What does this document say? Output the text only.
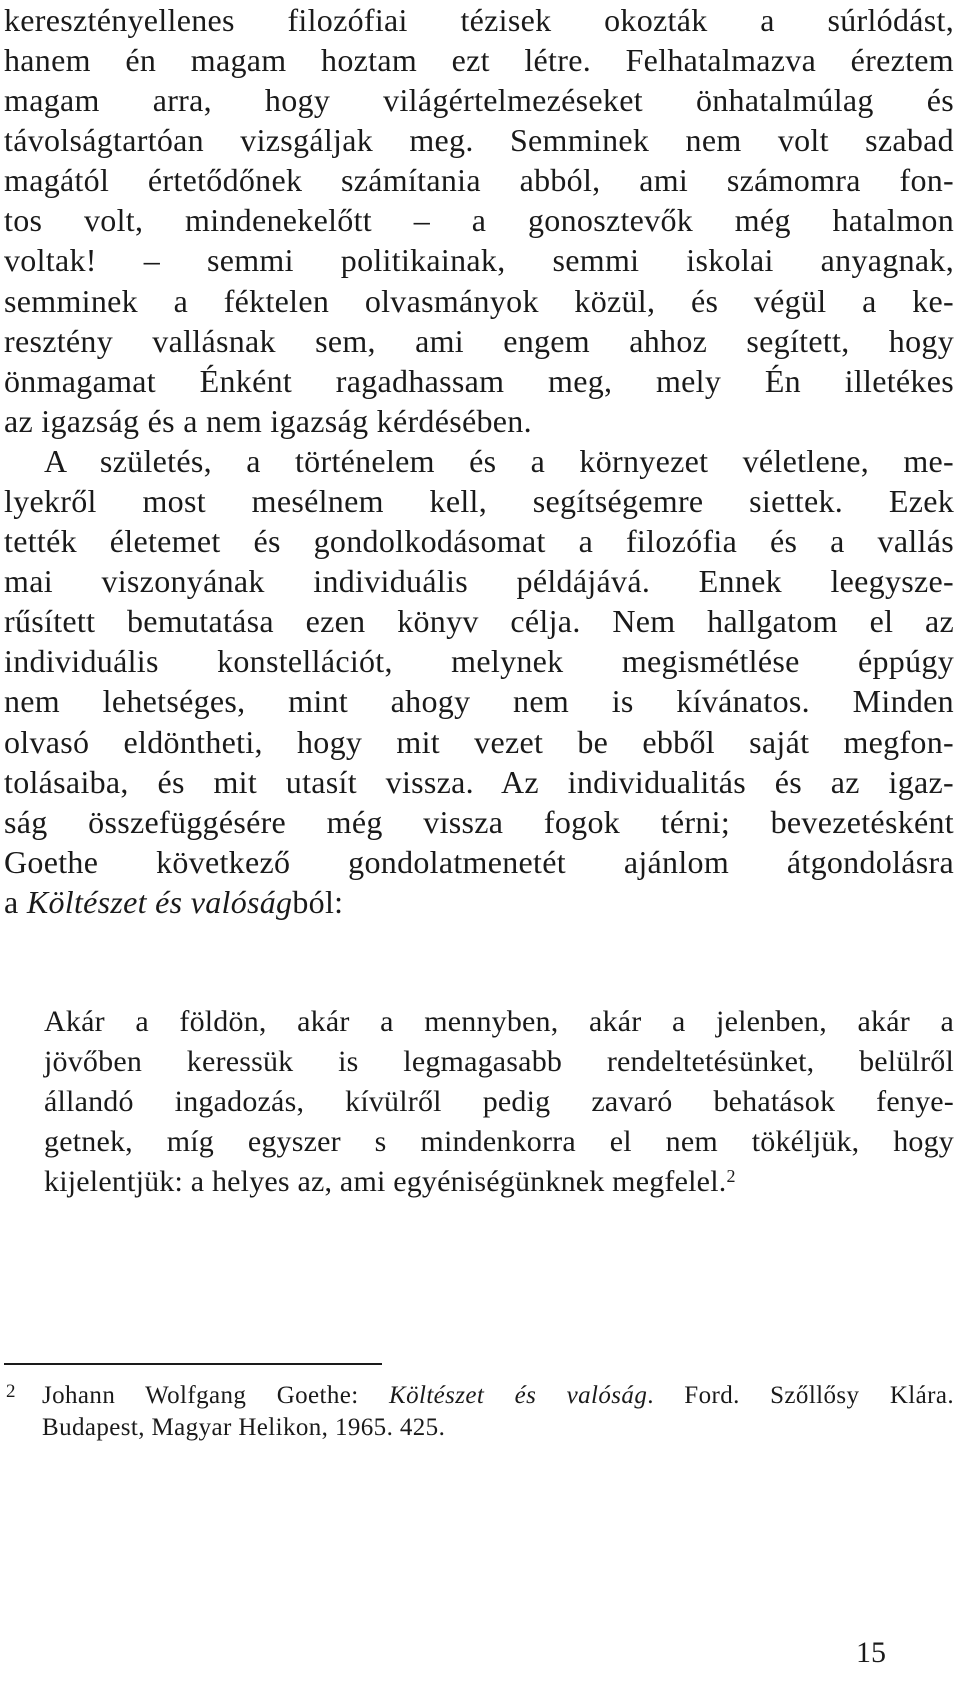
keresztényellenes filozófiai tézisek okozták a súrlódást,
hanem én magam hoztam ezt létre. Felhatalmazva éreztem
magam arra, hogy világértelmezéseket önhatalmúlag és
távolságtartóan vizsgáljak meg. Semminek nem volt szabad
magától értetődőnek számítania abból, ami számomra fon-
tos volt, mindenekelőtt – a gonosztevők még hatalmon
voltak! – semmi politikainak, semmi iskolai anyagnak,
semminek a féktelen olvasmányok közül, és végül a ke-
resztény vallásnak sem, ami engem ahhoz segített, hogy
önmagamat Énként ragadhassam meg, mely Én illetékes
az igazság és a nem igazság kérdésében.
A születés, a történelem és a környezet véletlene, me-
lyekről most mesélnem kell, segítségemre siettek. Ezek
tették életemet és gondolkodásomat a filozófia és a vallás
mai viszonyának individuális példájává. Ennek leegysze-
rűsített bemutatása ezen könyv célja. Nem hallgatom el az
individuális konstellációt, melynek megismétlése éppúgy
nem lehetséges, mint ahogy nem is kívánatos. Minden
olvasó eldöntheti, hogy mit vezet be ebből saját megfon-
tolásaiba, és mit utasít vissza. Az individualitás és az igaz-
ság összefüggésére még vissza fogok térni; bevezetésként
Goethe következő gondolatmenetét ajánlom átgondolásra
a Költészet és valóságból:
Akár a földön, akár a mennyben, akár a jelenben, akár a
jövőben keressük is legmagasabb rendeltetésünket, belülről
állandó ingadozás, kívülről pedig zavaró behatások fenye-
getnek, míg egyszer s mindenkorra el nem tökéljük, hogy
kijelentjük: a helyes az, ami egyéniségünknek megfelel.$^2$
2 Johann Wolfgang Goethe: Költészet és valóság. Ford. Szőllősy Klára.
Budapest, Magyar Helikon, 1965. 425.
15
